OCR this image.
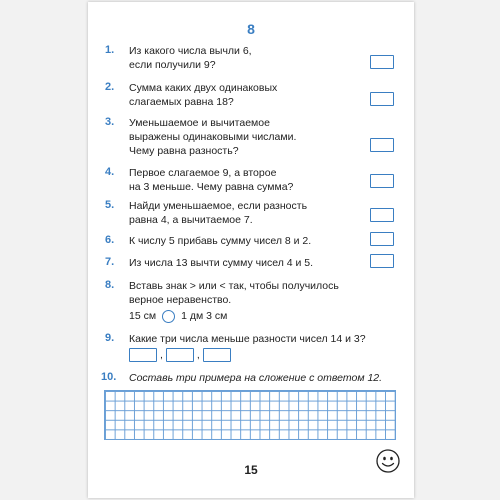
8
1.	Из какого числа вычли 6,
если получили 9?
2.	Сумма каких двух одинаковых
слагаемых равна 18?
3.	Уменьшаемое и вычитаемое
выражены одинаковыми числами.
Чему равна разность?
4.	Первое слагаемое 9, а второе
на 3 меньше. Чему равна сумма?
5.	Найди уменьшаемое, если разность
равна 4, а вычитаемое 7.
6.	К числу 5 прибавь сумму чисел 8 и 2.
7.	Из числа 13 вычти сумму чисел 4 и 5.
8.	Вставь знак > или < так, чтобы получилось
верное неравенство.
15 см 1 дм 3 см
9.	Какие три числа меньше разности чисел 14 и 3?
,	,
10.	Составь три примера на сложение с ответом 12.
15
